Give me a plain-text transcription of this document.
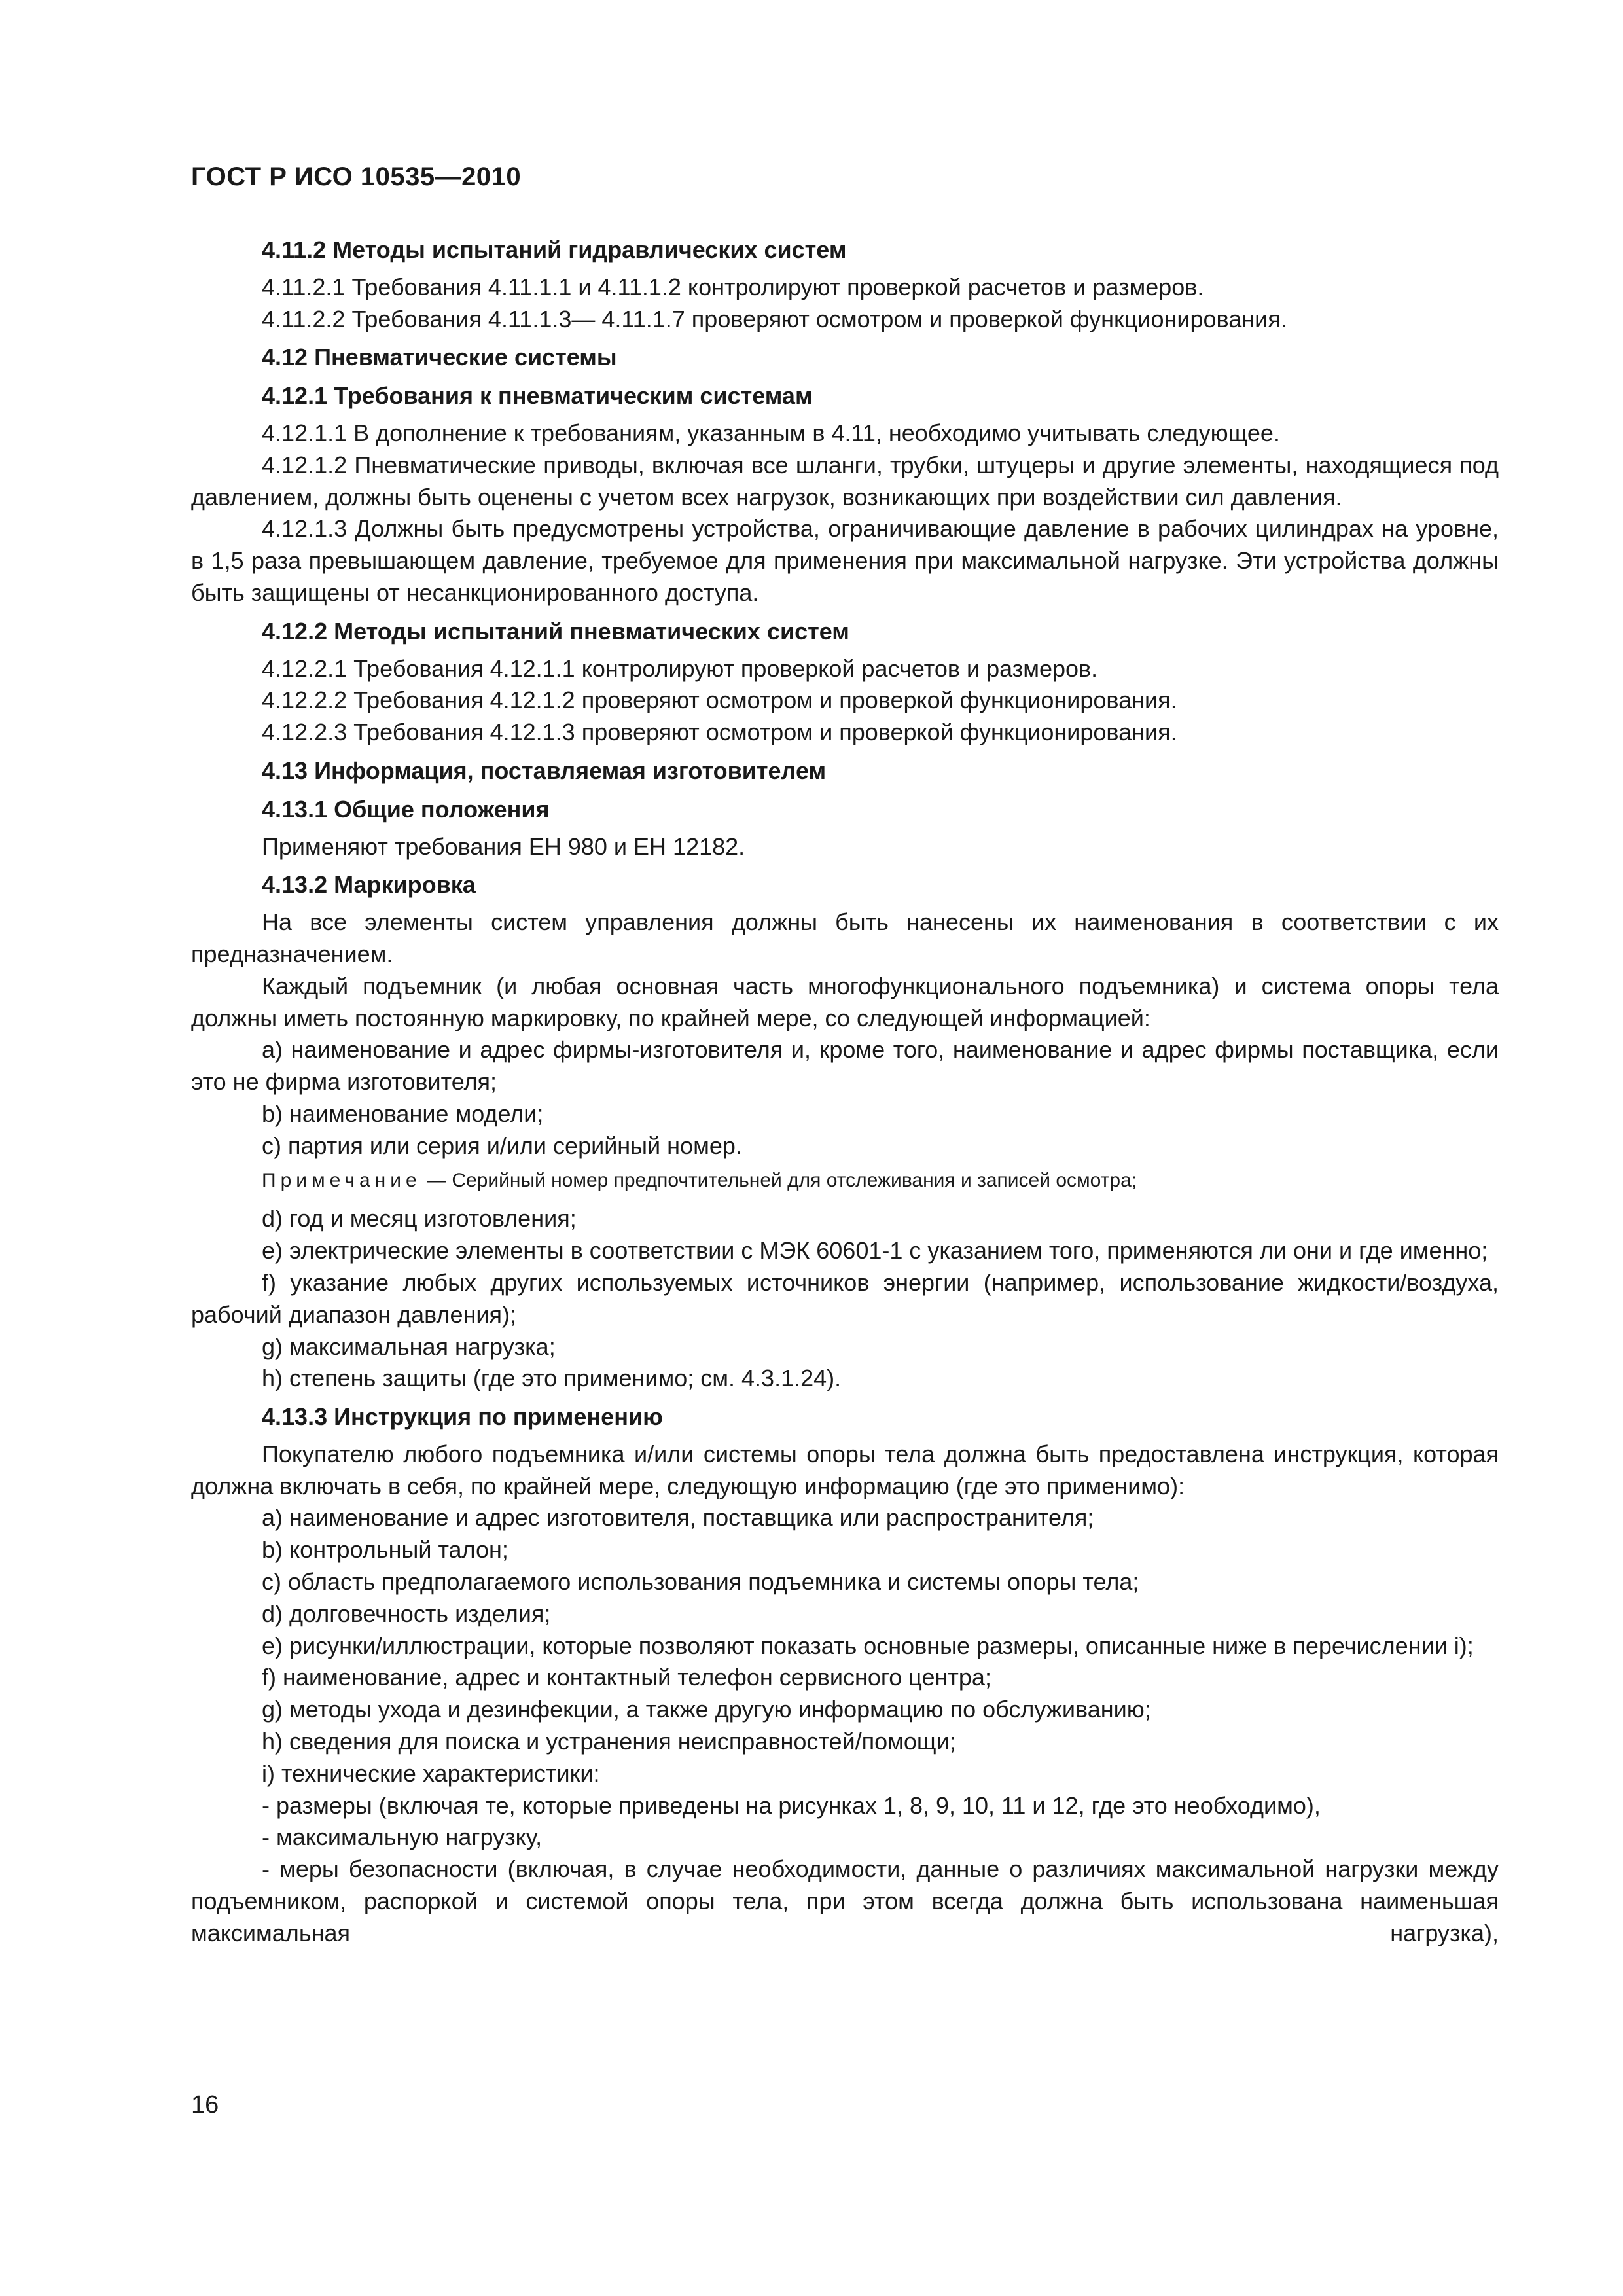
ГОСТ Р ИСО 10535—2010

4.11.2 Методы испытаний гидравлических систем

4.11.2.1 Требования 4.11.1.1 и 4.11.1.2 контролируют проверкой расчетов и размеров.

4.11.2.2 Требования 4.11.1.3— 4.11.1.7 проверяют осмотром и проверкой функционирования.

4.12 Пневматические системы

4.12.1 Требования к пневматическим системам

4.12.1.1 В дополнение к требованиям, указанным в 4.11, необходимо учитывать следующее.

4.12.1.2 Пневматические приводы, включая все шланги, трубки, штуцеры и другие элементы, находящиеся под давлением, должны быть оценены с учетом всех нагрузок, возникающих при воздействии сил давления.

4.12.1.3 Должны быть предусмотрены устройства, ограничивающие давление в рабочих цилиндрах на уровне, в 1,5 раза превышающем давление, требуемое для применения при максимальной нагрузке. Эти устройства должны быть защищены от несанкционированного доступа.

4.12.2 Методы испытаний пневматических систем

4.12.2.1 Требования 4.12.1.1 контролируют проверкой расчетов и размеров.

4.12.2.2 Требования 4.12.1.2 проверяют осмотром и проверкой функционирования.

4.12.2.3 Требования 4.12.1.3 проверяют осмотром и проверкой функционирования.

4.13 Информация, поставляемая изготовителем

4.13.1 Общие положения

Применяют требования ЕН 980 и ЕН 12182.

4.13.2 Маркировка

На все элементы систем управления должны быть нанесены их наименования в соответствии с их предназначением.

Каждый подъемник (и любая основная часть многофункционального подъемника) и система опоры тела должны иметь постоянную маркировку, по крайней мере, со следующей информацией:

a) наименование и адрес фирмы-изготовителя и, кроме того, наименование и адрес фирмы поставщика, если это не фирма изготовителя;

b) наименование модели;

c) партия или серия и/или серийный номер.

Примечание — Серийный номер предпочтительней для отслеживания и записей осмотра;

d) год и месяц изготовления;

e) электрические элементы в соответствии с МЭК 60601-1 с указанием того, применяются ли они и где именно;

f) указание любых других используемых источников энергии (например, использование жидкости/воздуха, рабочий диапазон давления);

g) максимальная нагрузка;

h) степень защиты (где это применимо; см. 4.3.1.24).

4.13.3 Инструкция по применению

Покупателю любого подъемника и/или системы опоры тела должна быть предоставлена инструкция, которая должна включать в себя, по крайней мере, следующую информацию (где это применимо):

a) наименование и адрес изготовителя, поставщика или распространителя;

b) контрольный талон;

c) область предполагаемого использования подъемника и системы опоры тела;

d) долговечность изделия;

e) рисунки/иллюстрации, которые позволяют показать основные размеры, описанные ниже в перечислении i);

f) наименование, адрес и контактный телефон сервисного центра;

g) методы ухода и дезинфекции, а также другую информацию по обслуживанию;

h) сведения для поиска и устранения неисправностей/помощи;

i) технические характеристики:

- размеры (включая те, которые приведены на рисунках 1, 8, 9, 10, 11 и 12, где это необходимо),

- максимальную нагрузку,

- меры безопасности (включая, в случае необходимости, данные о различиях максимальной нагрузки между подъемником, распоркой и системой опоры тела, при этом всегда должна быть использована наименьшая максимальная нагрузка),

16
